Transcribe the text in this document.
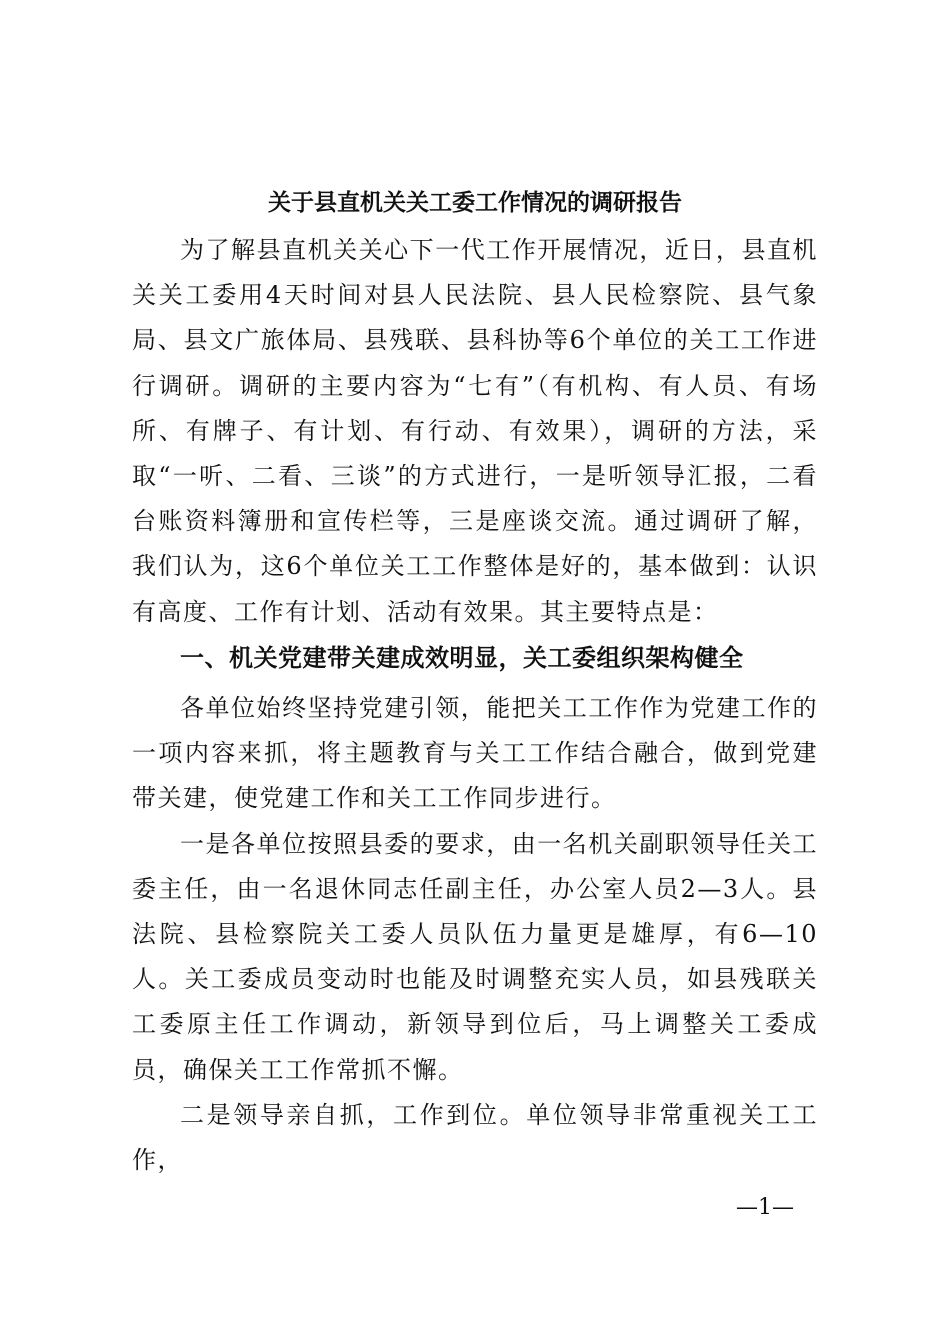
关于县直机关关工委工作情况的调研报告

为了解县直机关关心下一代工作开展情况，近日，县直机关关工委用4天时间对县人民法院、县人民检察院、县气象局、县文广旅体局、县残联、县科协等6个单位的关工工作进行调研。调研的主要内容为“七有”（有机构、有人员、有场所、有牌子、有计划、有行动、有效果），调研的方法，采取“一听、二看、三谈”的方式进行，一是听领导汇报，二看台账资料簿册和宣传栏等，三是座谈交流。通过调研了解，我们认为，这6个单位关工工作整体是好的，基本做到：认识有高度、工作有计划、活动有效果。其主要特点是：

一、机关党建带关建成效明显，关工委组织架构健全

各单位始终坚持党建引领，能把关工工作作为党建工作的一项内容来抓，将主题教育与关工工作结合融合，做到党建带关建，使党建工作和关工工作同步进行。

一是各单位按照县委的要求，由一名机关副职领导任关工委主任，由一名退休同志任副主任，办公室人员2—3人。县法院、县检察院关工委人员队伍力量更是雄厚，有6—10人。关工委成员变动时也能及时调整充实人员，如县残联关工委原主任工作调动，新领导到位后，马上调整关工委成员，确保关工工作常抓不懈。

二是领导亲自抓，工作到位。单位领导非常重视关工工作，

—1—
